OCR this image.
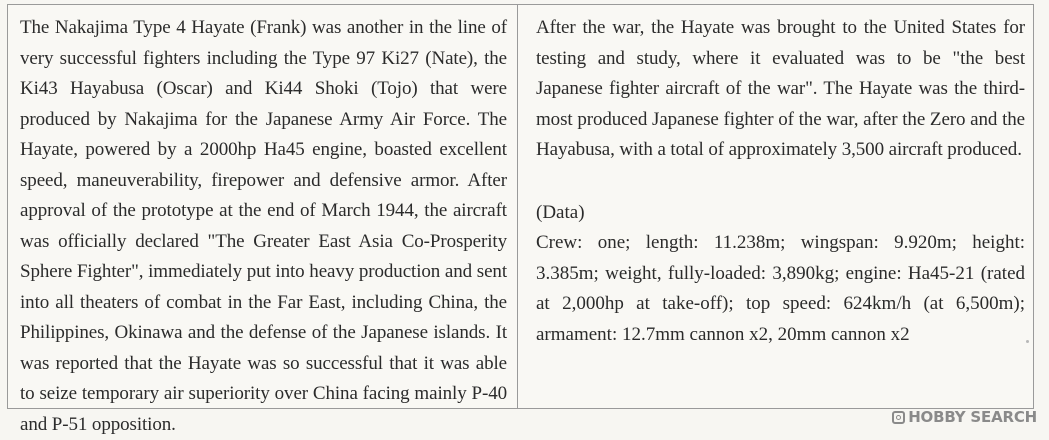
The Nakajima Type 4 Hayate (Frank) was another in the line of very successful fighters including the Type 97 Ki27 (Nate), the Ki43 Hayabusa (Oscar) and Ki44 Shoki (Tojo) that were produced by Nakajima for the Japanese Army Air Force. The Hayate, powered by a 2000hp Ha45 engine, boasted excellent speed, maneuverability, firepower and defensive armor. After approval of the prototype at the end of March 1944, the aircraft was officially declared "The Greater East Asia Co-Prosperity Sphere Fighter", immediately put into heavy production and sent into all theaters of combat in the Far East, including China, the Philippines, Okinawa and the defense of the Japanese islands. It was reported that the Hayate was so successful that it was able to seize temporary air superiority over China facing mainly P-40 and P-51 opposition.

After the war, the Hayate was brought to the United States for testing and study, where it evaluated was to be "the best Japanese fighter aircraft of the war". The Hayate was the third-most produced Japanese fighter of the war, after the Zero and the Hayabusa, with a total of approximately 3,500 aircraft produced.

(Data)

Crew: one; length: 11.238m; wingspan: 9.920m; height: 3.385m; weight, fully-loaded: 3,890kg; engine: Ha45-21 (rated at 2,000hp at take-off); top speed: 624km/h (at 6,500m); armament: 12.7mm cannon x2, 20mm cannon x2

HOBBY SEARCH
